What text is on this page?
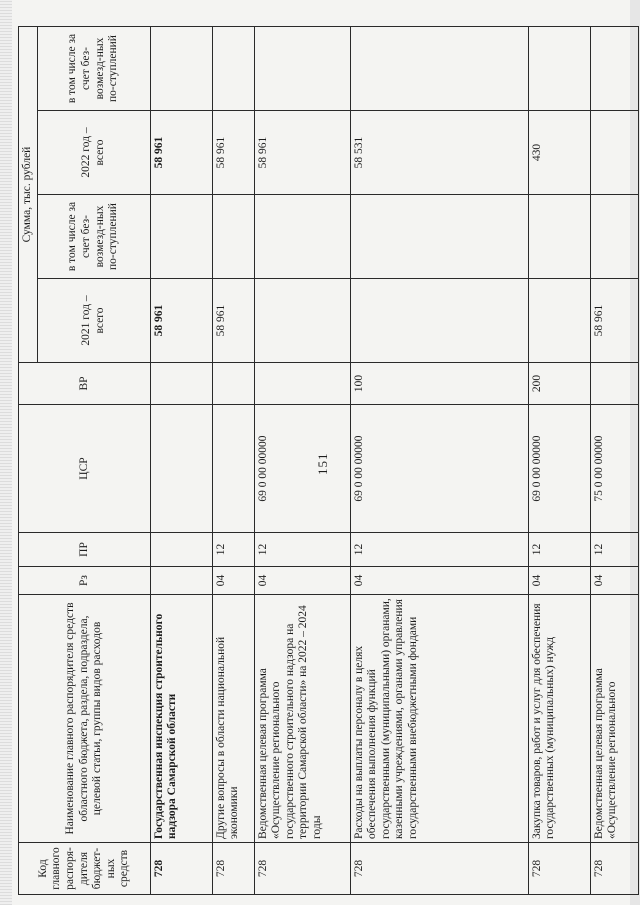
151
Код главного распоря-дителя бюджет-ных средств	Наименование главного распорядителя средств областного бюджета, раздела, подраздела, целевой статьи, группы видов расходов	Рз	ПР	ЦСР	ВР	Сумма, тыс. рублей			
						2021 год – всего	в том числе за счет без-возмезд-ных по-ступлений	2022 год – всего	в том числе за счет без-возмезд-ных по-ступлений
728	Государственная инспекция строительного надзора Самарской области					58 961		58 961	
728	Другие вопросы в области национальной экономики	04	12			58 961		58 961	
728	Ведомственная целевая программа «Осуществление регионального государственного строительного надзора на территории Самарской области» на 2022 – 2024 годы	04	12	69 0 00 00000				58 961	
728	Расходы на выплаты персоналу в целях обеспечения выполнения функций государственными (муниципальными) органами, казенными учреждениями, органами управления государственными внебюджетными фондами	04	12	69 0 00 00000	100			58 531	
728	Закупка товаров, работ и услуг для обеспечения государственных (муниципальных) нужд	04	12	69 0 00 00000	200			430	
728	Ведомственная целевая программа «Осуществление регионального	04	12	75 0 00 00000		58 961			
